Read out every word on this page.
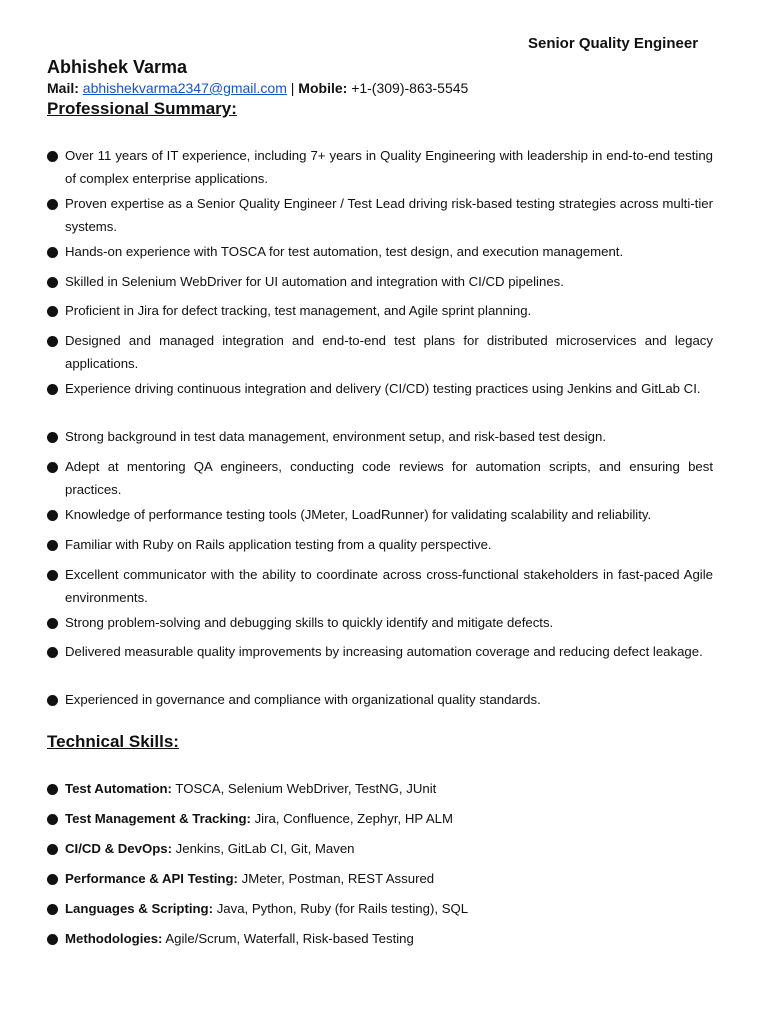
Senior Quality Engineer
Abhishek Varma
Mail: abhishekvarma2347@gmail.com | Mobile: +1-(309)-863-5545
Professional Summary:
Over 11 years of IT experience, including 7+ years in Quality Engineering with leadership in end-to-end testing of complex enterprise applications.
Proven expertise as a Senior Quality Engineer / Test Lead driving risk-based testing strategies across multi-tier systems.
Hands-on experience with TOSCA for test automation, test design, and execution management.
Skilled in Selenium WebDriver for UI automation and integration with CI/CD pipelines.
Proficient in Jira for defect tracking, test management, and Agile sprint planning.
Designed and managed integration and end-to-end test plans for distributed microservices and legacy applications.
Experience driving continuous integration and delivery (CI/CD) testing practices using Jenkins and GitLab CI.
Strong background in test data management, environment setup, and risk-based test design.
Adept at mentoring QA engineers, conducting code reviews for automation scripts, and ensuring best practices.
Knowledge of performance testing tools (JMeter, LoadRunner) for validating scalability and reliability.
Familiar with Ruby on Rails application testing from a quality perspective.
Excellent communicator with the ability to coordinate across cross-functional stakeholders in fast-paced Agile environments.
Strong problem-solving and debugging skills to quickly identify and mitigate defects.
Delivered measurable quality improvements by increasing automation coverage and reducing defect leakage.
Experienced in governance and compliance with organizational quality standards.
Technical Skills:
Test Automation: TOSCA, Selenium WebDriver, TestNG, JUnit
Test Management & Tracking: Jira, Confluence, Zephyr, HP ALM
CI/CD & DevOps: Jenkins, GitLab CI, Git, Maven
Performance & API Testing: JMeter, Postman, REST Assured
Languages & Scripting: Java, Python, Ruby (for Rails testing), SQL
Methodologies: Agile/Scrum, Waterfall, Risk-based Testing
